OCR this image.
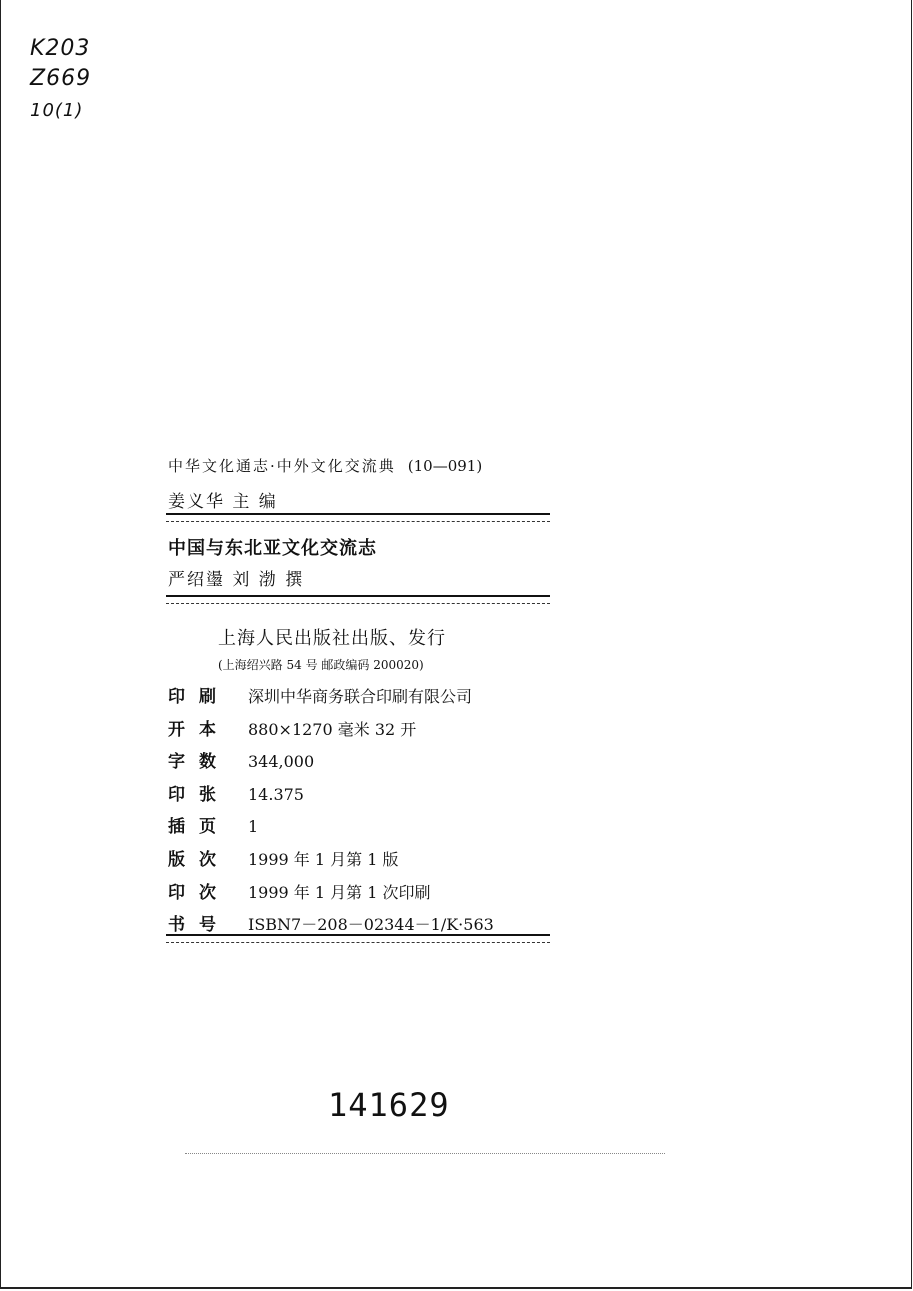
K203
Z669
10(1)
中华文化通志·中外文化交流典 (10—091)
姜义华 主 编
中国与东北亚文化交流志
严绍璗 刘 渤 撰
上海人民出版社出版、发行
(上海绍兴路 54 号 邮政编码 200020)
印刷	深圳中华商务联合印刷有限公司
开本	880×1270 毫米 32 开
字数	344,000
印张	14.375
插页	1
版次	1999 年 1 月第 1 版
印次	1999 年 1 月第 1 次印刷
书号	ISBN7－208－02344－1/K·563
141629
